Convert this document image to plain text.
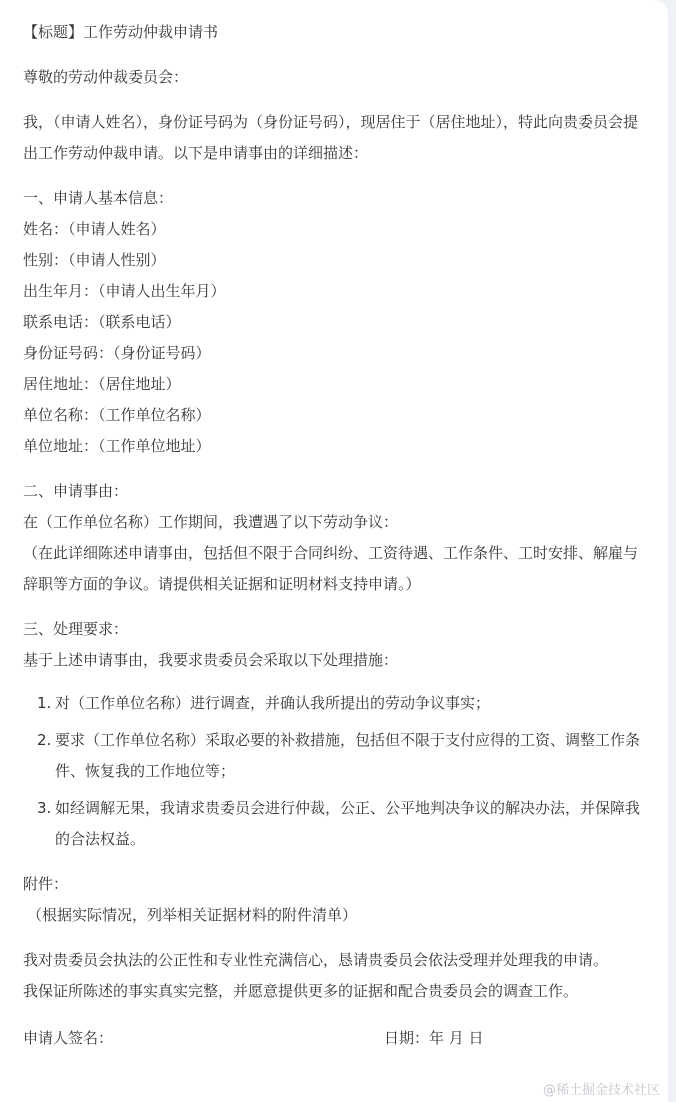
【标题】工作劳动仲裁申请书

尊敬的劳动仲裁委员会：

我，（申请人姓名），身份证号码为（身份证号码），现居住于（居住地址），特此向贵委员会提出工作劳动仲裁申请。以下是申请事由的详细描述：

一、申请人基本信息：

姓名：（申请人姓名）

性别：（申请人性别）

出生年月：（申请人出生年月）

联系电话：（联系电话）

身份证号码：（身份证号码）

居住地址：（居住地址）

单位名称：（工作单位名称）

单位地址：（工作单位地址）

二、申请事由：

在（工作单位名称）工作期间，我遭遇了以下劳动争议：

（在此详细陈述申请事由，包括但不限于合同纠纷、工资待遇、工作条件、工时安排、解雇与辞职等方面的争议。请提供相关证据和证明材料支持申请。）

三、处理要求：

基于上述申请事由，我要求贵委员会采取以下处理措施：

1. 对（工作单位名称）进行调查，并确认我所提出的劳动争议事实；
2. 要求（工作单位名称）采取必要的补救措施，包括但不限于支付应得的工资、调整工作条件、恢复我的工作地位等；
3. 如经调解无果，我请求贵委员会进行仲裁，公正、公平地判决争议的解决办法，并保障我的合法权益。

附件：

（根据实际情况，列举相关证据材料的附件清单）

我对贵委员会执法的公正性和专业性充满信心，恳请贵委员会依法受理并处理我的申请。

我保证所陈述的事实真实完整，并愿意提供更多的证据和配合贵委员会的调查工作。

申请人签名：	日期：年 月 日
@稀土掘金技术社区
